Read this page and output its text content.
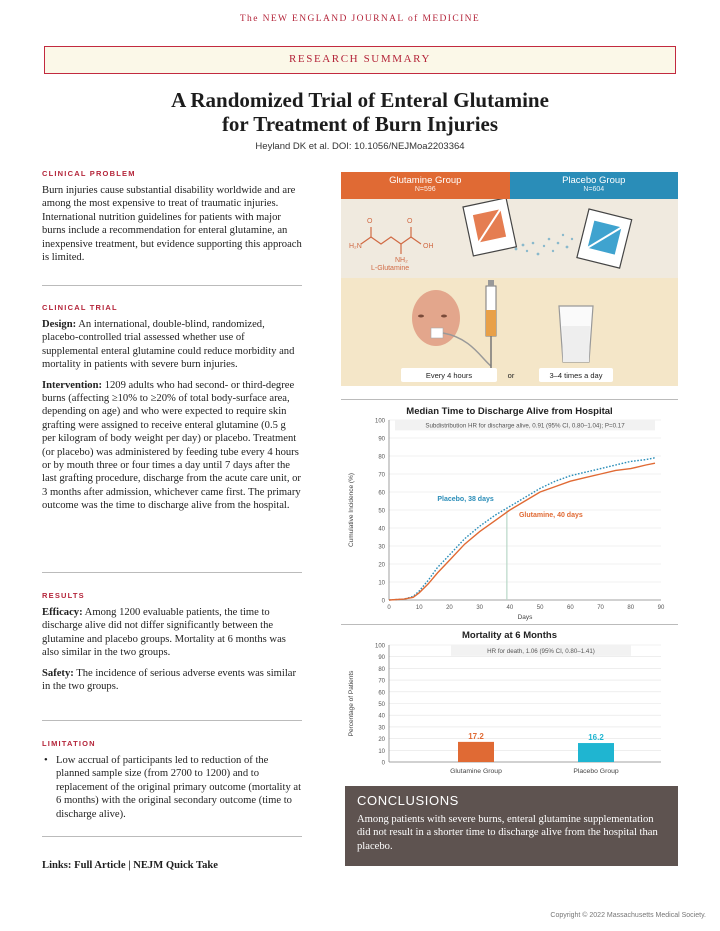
The NEW ENGLAND JOURNAL of MEDICINE
RESEARCH SUMMARY
A Randomized Trial of Enteral Glutamine
for Treatment of Burn Injuries
Heyland DK et al. DOI: 10.1056/NEJMoa2203364
CLINICAL PROBLEM
Burn injuries cause substantial disability worldwide and are among the most expensive to treat of traumatic injuries. International nutrition guidelines for patients with major burns include a recommendation for enteral glutamine, an inexpensive treatment, but evidence supporting this approach is limited.
CLINICAL TRIAL
Design: An international, double-blind, randomized, placebo-controlled trial assessed whether use of supplemental enteral glutamine could reduce morbidity and mortality in patients with severe burn injuries.
Intervention: 1209 adults who had second- or third-degree burns (affecting ≥10% to ≥20% of total body-surface area, depending on age) and who were expected to require skin grafting were assigned to receive enteral glutamine (0.5 g per kilogram of body weight per day) or placebo. Treatment (or placebo) was administered by feeding tube every 4 hours or by mouth three or four times a day until 7 days after the last grafting procedure, discharge from the acute care unit, or 3 months after admission, whichever came first. The primary outcome was the time to discharge alive from the hospital.
RESULTS
Efficacy: Among 1200 evaluable patients, the time to discharge alive did not differ significantly between the glutamine and placebo groups. Mortality at 6 months was also similar in the two groups.
Safety: The incidence of serious adverse events was similar in the two groups.
LIMITATION
• Low accrual of participants led to reduction of the planned sample size (from 2700 to 1200) and to replacement of the original primary outcome (mortality at 6 months) with the original secondary outcome (time to discharge alive).
Links: Full Article | NEJM Quick Take
Glutamine Group
N=596
Placebo Group
N=604
H₂N
O	O
NH₂
OH
L-Glutamine
Every 4 hours	or	3–4 times a day
Median Time to Discharge Alive from Hospital
0
10
20
30
40
50
60
70
80
90
100
0	10	20	30	40	50	60	70	80	90
Days
Cumulative Incidence (%)
Subdistribution HR for discharge alive, 0.91 (95% CI, 0.80–1.04); P=0.17
Placebo, 38 days
Glutamine, 40 days
Mortality at 6 Months
0
10
20
30
40
50
60
70
80
90
100
Percentage of Patients
HR for death, 1.06 (95% CI, 0.80–1.41)
17.2
Glutamine Group
16.2
Placebo Group
CONCLUSIONS
Among patients with severe burns, enteral glutamine supplementation did not result in a shorter time to discharge alive from the hospital than placebo.
Copyright © 2022 Massachusetts Medical Society.
